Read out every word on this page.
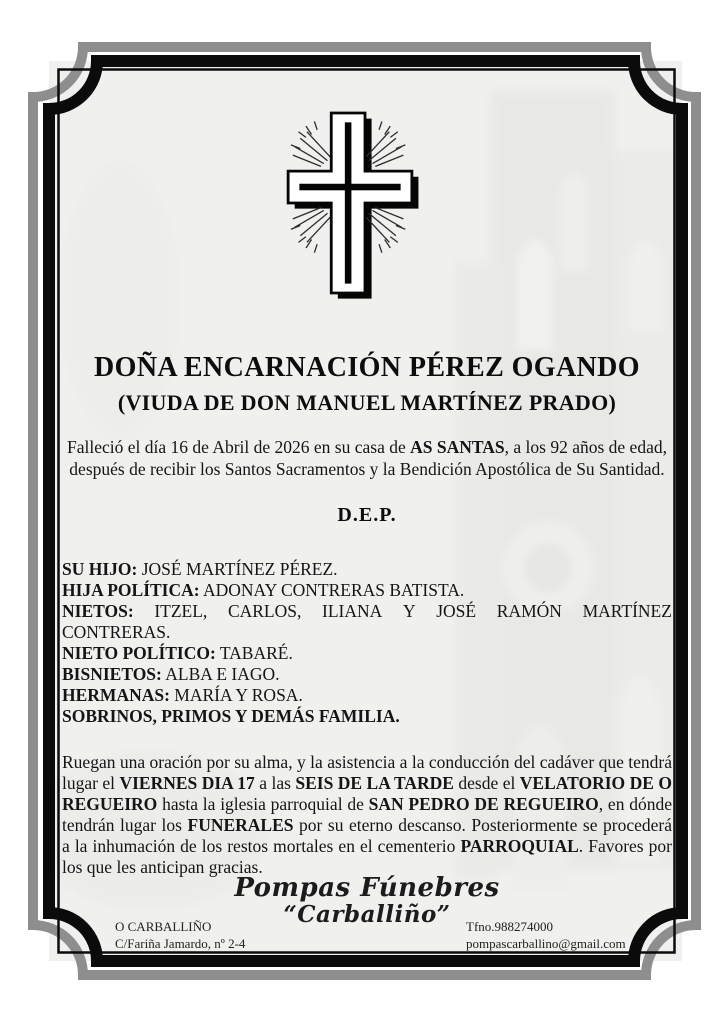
DOÑA ENCARNACIÓN PÉREZ OGANDO
(VIUDA DE DON MANUEL MARTÍNEZ PRADO)
Falleció el día 16 de Abril de 2026 en su casa de AS SANTAS, a los 92 años de edad,
después de recibir los Santos Sacramentos y la Bendición Apostólica de Su Santidad.
D.E.P.
SU HIJO: JOSÉ MARTÍNEZ PÉREZ.
HIJA POLÍTICA: ADONAY CONTRERAS BATISTA.
NIETOS: ITZEL, CARLOS, ILIANA Y JOSÉ RAMÓN MARTÍNEZ
CONTRERAS.
NIETO POLÍTICO: TABARÉ.
BISNIETOS: ALBA E IAGO.
HERMANAS: MARÍA Y ROSA.
SOBRINOS, PRIMOS Y DEMÁS FAMILIA.
Ruegan una oración por su alma, y la asistencia a la conducción del cadáver que tendrá lugar el VIERNES DIA 17 a las SEIS DE LA TARDE desde el VELATORIO DE O REGUEIRO hasta la iglesia parroquial de SAN PEDRO DE REGUEIRO, en dónde tendrán lugar los FUNERALES por su eterno descanso. Posteriormente se procederá a la inhumación de los restos mortales en el cementerio PARROQUIAL. Favores por los que les anticipan gracias.
Pompas Fúnebres
“Carballiño”
O CARBALLIÑO
C/Fariña Jamardo, nº 2-4
Tfno.988274000
pompascarballino@gmail.com
